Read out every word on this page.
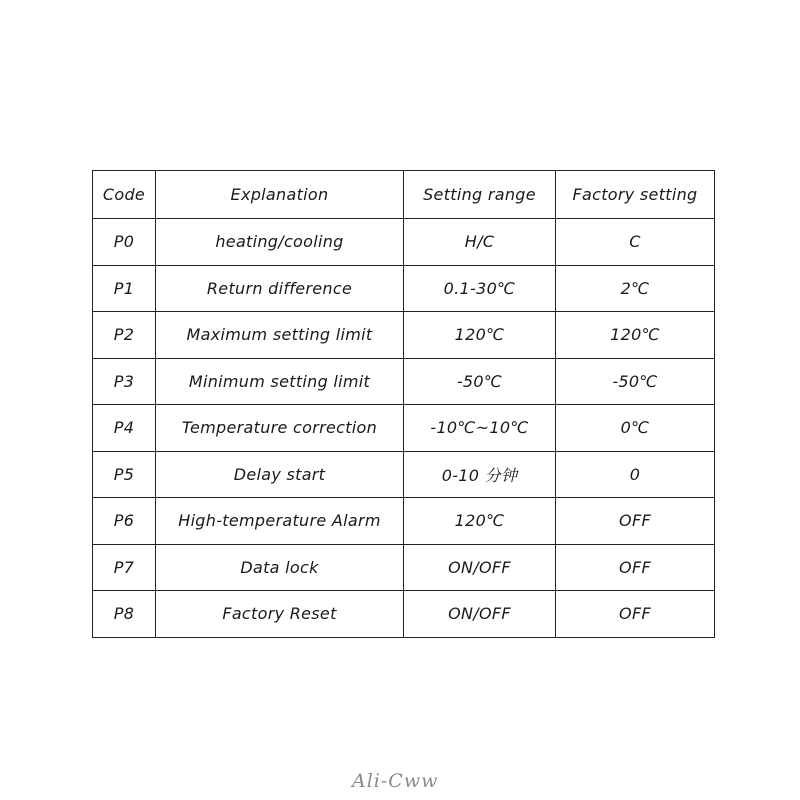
Code	Explanation	Setting range	Factory setting
P0	heating/cooling	H/C	C
P1	Return difference	0.1-30℃	2℃
P2	Maximum setting limit	120℃	120℃
P3	Minimum setting limit	-50℃	-50℃
P4	Temperature correction	-10℃~10℃	0℃
P5	Delay start	0-10 分钟	0
P6	High-temperature Alarm	120℃	OFF
P7	Data lock	ON/OFF	OFF
P8	Factory Reset	ON/OFF	OFF
Ali-Cww
